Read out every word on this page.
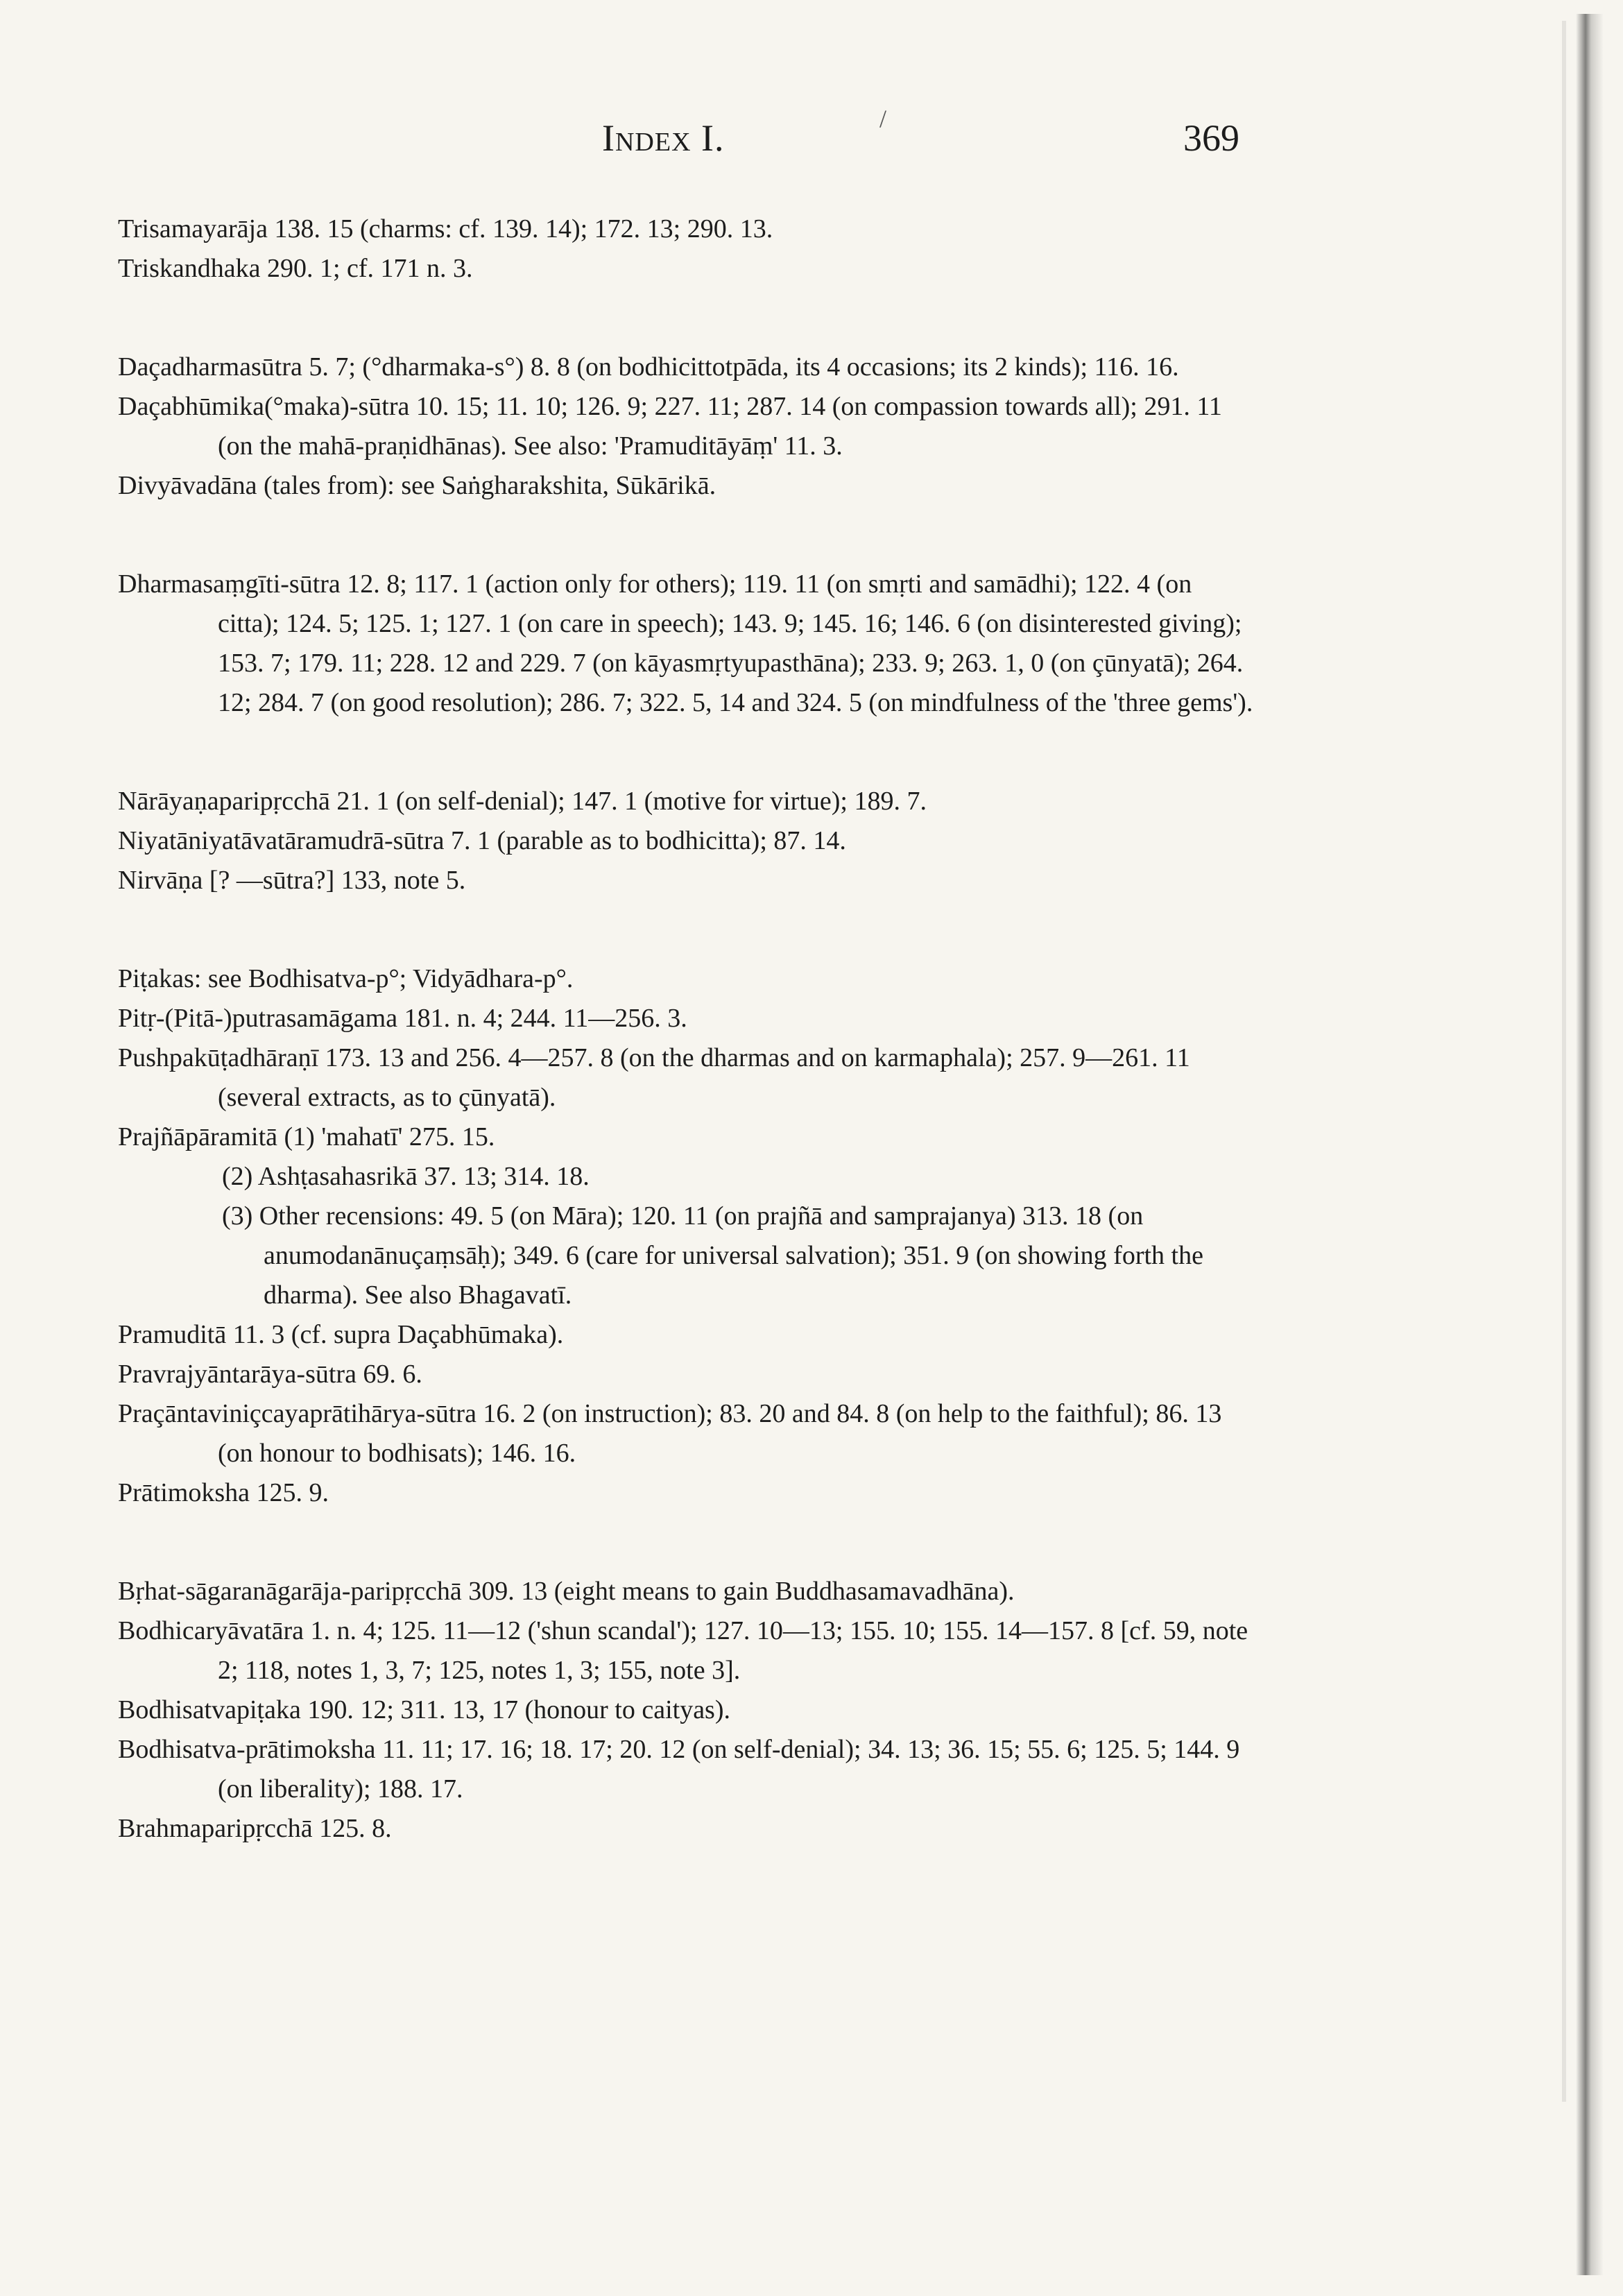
Index I.	/	369

Trisamayarāja 138. 15 (charms: cf. 139. 14); 172. 13; 290. 13.

Triskandhaka 290. 1; cf. 171 n. 3.

Daçadharmasūtra 5. 7; (°dharmaka-s°) 8. 8 (on bodhicittotpāda, its 4 occasions; its 2 kinds); 116. 16.

Daçabhūmika(°maka)-sūtra 10. 15; 11. 10; 126. 9; 227. 11; 287. 14 (on compassion towards all); 291. 11 (on the mahā-praṇidhānas). See also: 'Pramuditāyāṃ' 11. 3.

Divyāvadāna (tales from): see Saṅgharakshita, Sūkārikā.

Dharmasaṃgīti-sūtra 12. 8; 117. 1 (action only for others); 119. 11 (on smṛti and samādhi); 122. 4 (on citta); 124. 5; 125. 1; 127. 1 (on care in speech); 143. 9; 145. 16; 146. 6 (on disinterested giving); 153. 7; 179. 11; 228. 12 and 229. 7 (on kāyasmṛtyupasthāna); 233. 9; 263. 1, 0 (on çūnyatā); 264. 12; 284. 7 (on good resolution); 286. 7; 322. 5, 14 and 324. 5 (on mindfulness of the 'three gems').

Nārāyaṇaparipṛcchā 21. 1 (on self-denial); 147. 1 (motive for virtue); 189. 7.

Niyatāniyatāvatāramudrā-sūtra 7. 1 (parable as to bodhicitta); 87. 14.

Nirvāṇa [? —sūtra?] 133, note 5.

Piṭakas: see Bodhisatva-p°; Vidyādhara-p°.

Pitṛ-(Pitā-)putrasamāgama 181. n. 4; 244. 11—256. 3.

Pushpakūṭadhāraṇī 173. 13 and 256. 4—257. 8 (on the dharmas and on karmaphala); 257. 9—261. 11 (several extracts, as to çūnyatā).

Prajñāpāramitā (1) 'mahatī' 275. 15.

(2) Ashṭasahasrikā 37. 13; 314. 18.

(3) Other recensions: 49. 5 (on Māra); 120. 11 (on prajñā and samprajanya) 313. 18 (on anumodanānuçaṃsāḥ); 349. 6 (care for universal salvation); 351. 9 (on showing forth the dharma). See also Bhagavatī.

Pramuditā 11. 3 (cf. supra Daçabhūmaka).

Pravrajyāntarāya-sūtra 69. 6.

Praçāntaviniçcayaprātihārya-sūtra 16. 2 (on instruction); 83. 20 and 84. 8 (on help to the faithful); 86. 13 (on honour to bodhisats); 146. 16.

Prātimoksha 125. 9.

Bṛhat-sāgaranāgarāja-paripṛcchā 309. 13 (eight means to gain Buddhasamavadhāna).

Bodhicaryāvatāra 1. n. 4; 125. 11—12 ('shun scandal'); 127. 10—13; 155. 10; 155. 14—157. 8 [cf. 59, note 2; 118, notes 1, 3, 7; 125, notes 1, 3; 155, note 3].

Bodhisatvapiṭaka 190. 12; 311. 13, 17 (honour to caityas).

Bodhisatva-prātimoksha 11. 11; 17. 16; 18. 17; 20. 12 (on self-denial); 34. 13; 36. 15; 55. 6; 125. 5; 144. 9 (on liberality); 188. 17.

Brahmaparipṛcchā 125. 8.
